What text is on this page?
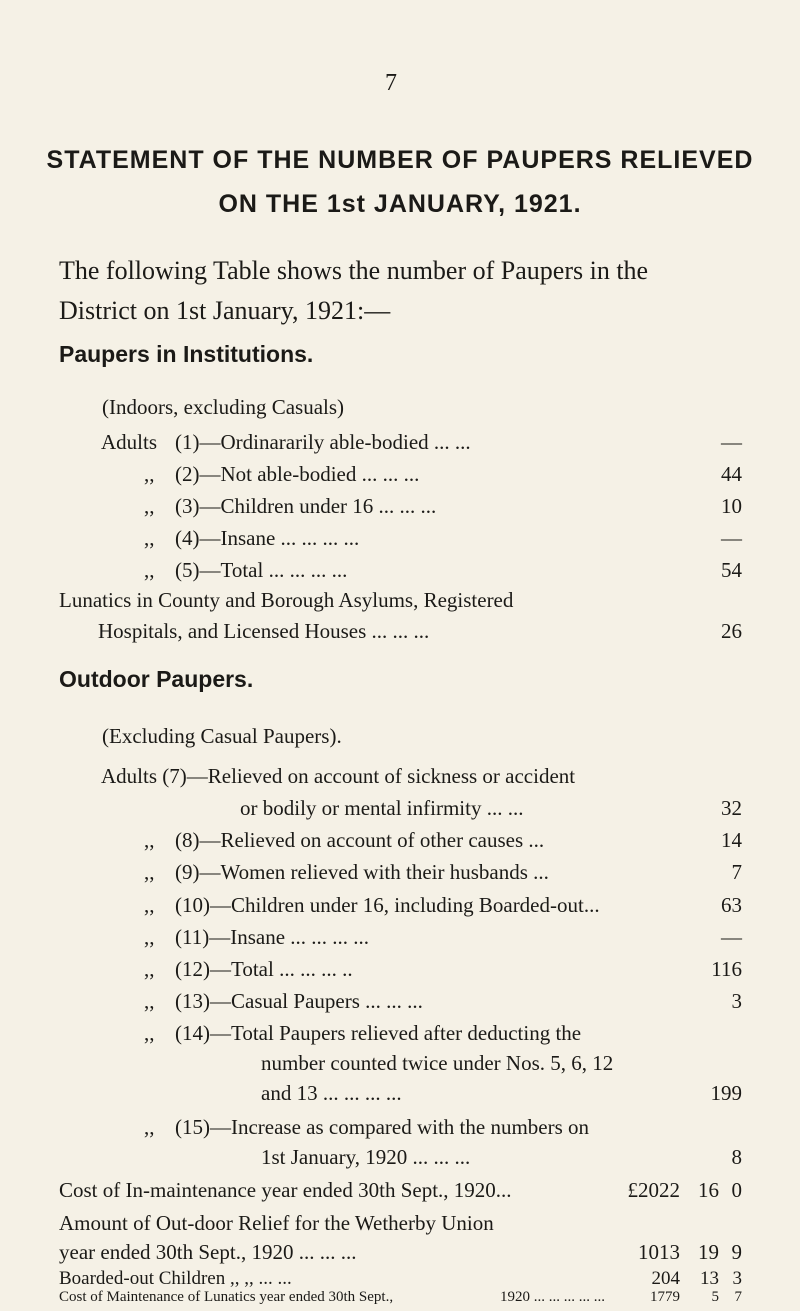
7
STATEMENT OF THE NUMBER OF PAUPERS RELIEVED
ON THE 1st JANUARY, 1921.
The following Table shows the number of Paupers in the
District on 1st January, 1921:—
Paupers in Institutions.
(Indoors, excluding Casuals)
Adults (1)—Ordinararily able-bodied ... ...	—
,, (2)—Not able-bodied ... ... ...	44
,, (3)—Children under 16 ... ... ...	10
,, (4)—Insane ... ... ... ...	—
,, (5)—Total ... ... ... ...	54
Lunatics in County and Borough Asylums, Registered
Hospitals, and Licensed Houses ... ... ...	26
Outdoor Paupers.
(Excluding Casual Paupers).
Adults (7)—Relieved on account of sickness or accident
or bodily or mental infirmity ... ...	32
,, (8)—Relieved on account of other causes ...	14
,, (9)—Women relieved with their husbands ...	7
,, (10)—Children under 16, including Boarded-out...	63
,, (11)—Insane ... ... ... ...	—
,, (12)—Total ... ... ... ..	116
,, (13)—Casual Paupers ... ... ...	3
,, (14)—Total Paupers relieved after deducting the
number counted twice under Nos. 5, 6, 12
and 13 ... ... ... ...	199
,, (15)—Increase as compared with the numbers on
1st January, 1920 ... ... ...	8
Cost of In-maintenance year ended 30th Sept., 1920...	£2022 16 0
Amount of Out-door Relief for the Wetherby Union
year ended 30th Sept., 1920 ... ... ...	1013 19 9
Boarded-out Children ,, ,, ... ...	204 13 3
Cost of Maintenance of Lunatics year ended 30th Sept.,	1920 ... ... ... ... ...	1779 5 7
